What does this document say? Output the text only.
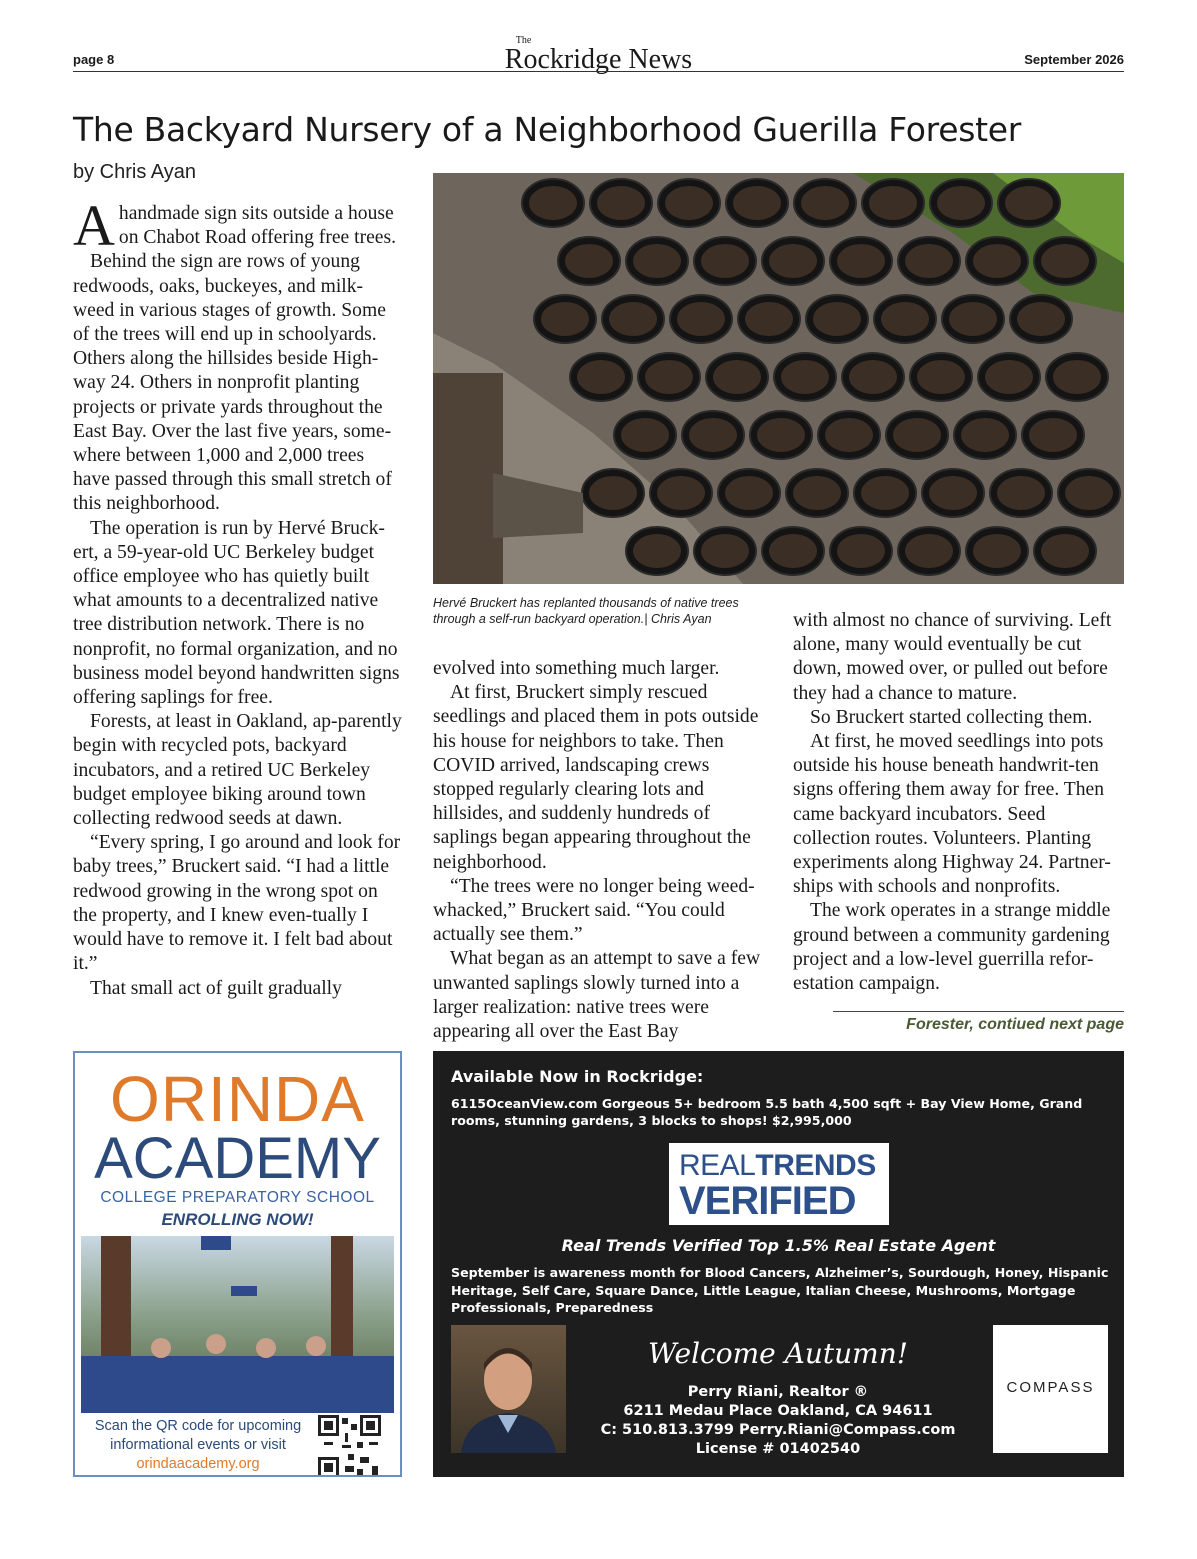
page 8
The
Rockridge News	September 2026
The Backyard Nursery of a Neighborhood Guerilla Forester
by Chris Ayan

Ahandmade sign sits outside a house on Chabot Road offering free trees.

Behind the sign are rows of young redwoods, oaks, buckeyes, and milk-weed in various stages of growth. Some of the trees will end up in schoolyards. Others along the hillsides beside High-way 24. Others in nonprofit planting projects or private yards throughout the East Bay. Over the last five years, some-where between 1,000 and 2,000 trees have passed through this small stretch of this neighborhood.

The operation is run by Hervé Bruck-ert, a 59-year-old UC Berkeley budget office employee who has quietly built what amounts to a decentralized native tree distribution network. There is no nonprofit, no formal organization, and no business model beyond handwritten signs offering saplings for free.

Forests, at least in Oakland, ap-parently begin with recycled pots, backyard incubators, and a retired UC Berkeley budget employee biking around town collecting redwood seeds at dawn.

“Every spring, I go around and look for baby trees,” Bruckert said. “I had a little redwood growing in the wrong spot on the property, and I knew even-tually I would have to remove it. I felt bad about it.”

That small act of guilt gradually

Hervé Bruckert has replanted thousands of native trees through a self-run backyard operation.| Chris Ayan

evolved into something much larger.

At first, Bruckert simply rescued seedlings and placed them in pots outside his house for neighbors to take. Then COVID arrived, landscaping crews stopped regularly clearing lots and hillsides, and suddenly hundreds of saplings began appearing throughout the neighborhood.

“The trees were no longer being weed-whacked,” Bruckert said. “You could actually see them.”

What began as an attempt to save a few unwanted saplings slowly turned into a larger realization: native trees were appearing all over the East Bay

with almost no chance of surviving. Left alone, many would eventually be cut down, mowed over, or pulled out before they had a chance to mature.

So Bruckert started collecting them.

At first, he moved seedlings into pots outside his house beneath handwrit-ten signs offering them away for free. Then came backyard incubators. Seed collection routes. Volunteers. Planting experiments along Highway 24. Partner-ships with schools and nonprofits.

The work operates in a strange middle ground between a community gardening project and a low-level guerrilla refor-estation campaign.

Forester, contiued next page
ORINDA
ACADEMY
COLLEGE PREPARATORY SCHOOL
ENROLLING NOW!
Scan the QR code for upcoming informational events or visit orindaacademy.org
Available Now in Rockridge:
6115OceanView.com Gorgeous 5+ bedroom 5.5 bath 4,500 sqft + Bay View Home, Grand rooms, stunning gardens, 3 blocks to shops! $2,995,000
REALTRENDS
VERIFIED
Real Trends Verified Top 1.5% Real Estate Agent
September is awareness month for Blood Cancers, Alzheimer’s, Sourdough, Honey, Hispanic Heritage, Self Care, Square Dance, Little League, Italian Cheese, Mushrooms, Mortgage Professionals, Preparedness
Welcome Autumn!
Perry Riani, Realtor ®
6211 Medau Place Oakland, CA 94611
C: 510.813.3799 Perry.Riani@Compass.com
License # 01402540
COMPASS
